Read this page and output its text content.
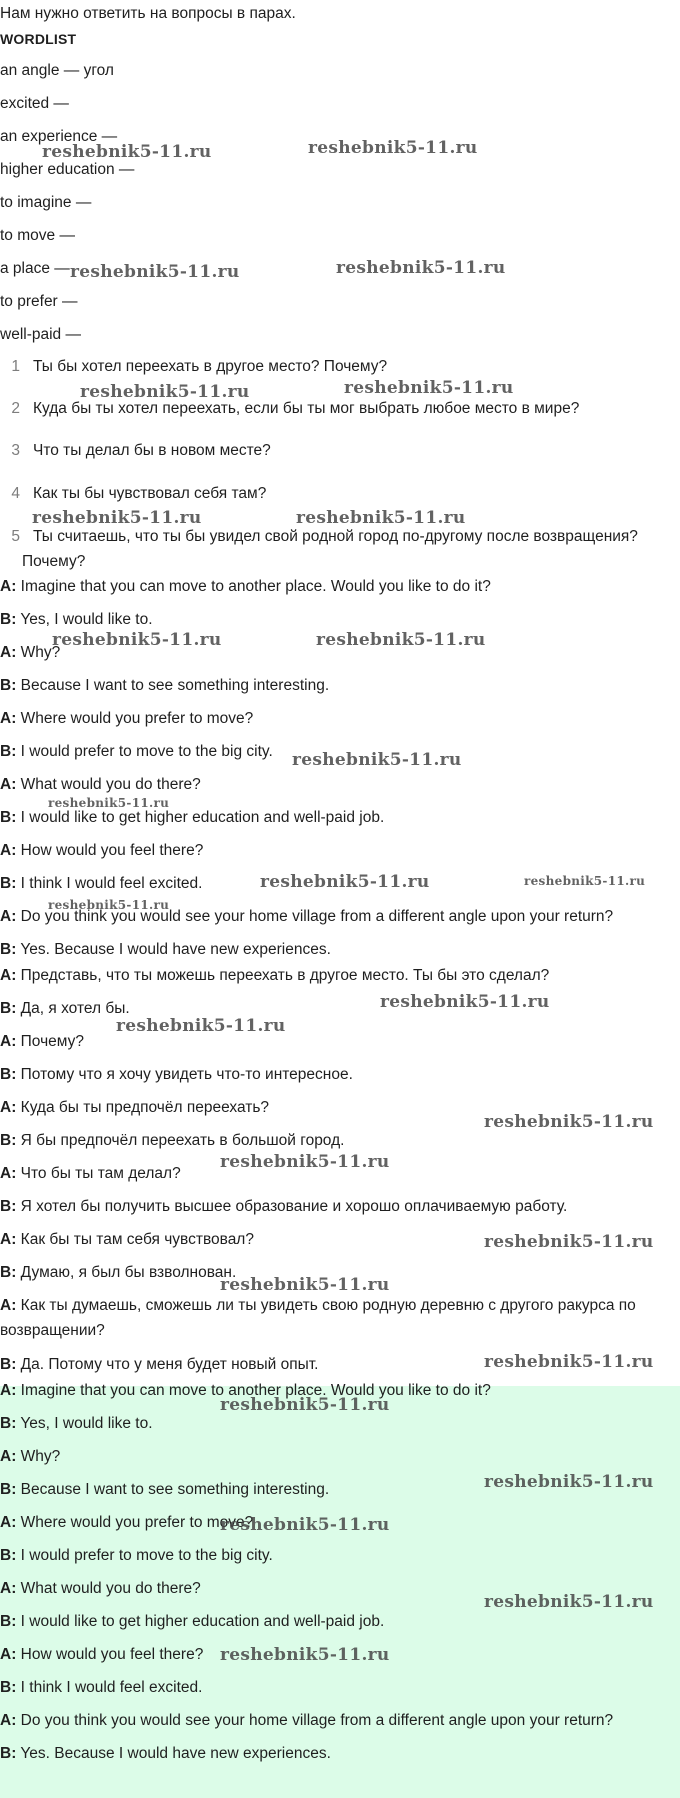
Нам нужно ответить на вопросы в парах.
WORDLIST
an angle — угол
excited —
an experience —
higher education —
to imagine —
to move —
a place —
to prefer —
well-paid —
1 Ты бы хотел переехать в другое место? Почему?
2 Куда бы ты хотел переехать, если бы ты мог выбрать любое место в мире?
3 Что ты делал бы в новом месте?
4 Как ты бы чувствовал себя там?
5 Ты считаешь, что ты бы увидел свой родной город по-другому после возвращения?
Почему?
A: Imagine that you can move to another place. Would you like to do it?
B: Yes, I would like to.
A: Why?
B: Because I want to see something interesting.
A: Where would you prefer to move?
B: I would prefer to move to the big city.
A: What would you do there?
B: I would like to get higher education and well-paid job.
A: How would you feel there?
B: I think I would feel excited.
A: Do you think you would see your home village from a different angle upon your return?
B: Yes. Because I would have new experiences.
A: Представь, что ты можешь переехать в другое место. Ты бы это сделал?
B: Да, я хотел бы.
A: Почему?
B: Потому что я хочу увидеть что-то интересное.
A: Куда бы ты предпочёл переехать?
B: Я бы предпочёл переехать в большой город.
A: Что бы ты там делал?
B: Я хотел бы получить высшее образование и хорошо оплачиваемую работу.
A: Как бы ты там себя чувствовал?
B: Думаю, я был бы взволнован.
A: Как ты думаешь, сможешь ли ты увидеть свою родную деревню с другого ракурса по
возвращении?
B: Да. Потому что у меня будет новый опыт.
A: Imagine that you can move to another place. Would you like to do it?
B: Yes, I would like to.
A: Why?
B: Because I want to see something interesting.
A: Where would you prefer to move?
B: I would prefer to move to the big city.
A: What would you do there?
B: I would like to get higher education and well-paid job.
A: How would you feel there?
B: I think I would feel excited.
A: Do you think you would see your home village from a different angle upon your return?
B: Yes. Because I would have new experiences.
reshebnik5-11.ru	reshebnik5-11.ru
reshebnik5-11.ru	reshebnik5-11.ru
reshebnik5-11.ru	reshebnik5-11.ru
reshebnik5-11.ru	reshebnik5-11.ru
reshebnik5-11.ru	reshebnik5-11.ru
reshebnik5-11.ru
reshebnik5-11.ru
reshebnik5-11.ru	reshebnik5-11.ru
reshebnik5-11.ru
reshebnik5-11.ru
reshebnik5-11.ru
reshebnik5-11.ru
reshebnik5-11.ru
reshebnik5-11.ru
reshebnik5-11.ru
reshebnik5-11.ru
reshebnik5-11.ru
reshebnik5-11.ru
reshebnik5-11.ru
reshebnik5-11.ru
reshebnik5-11.ru
